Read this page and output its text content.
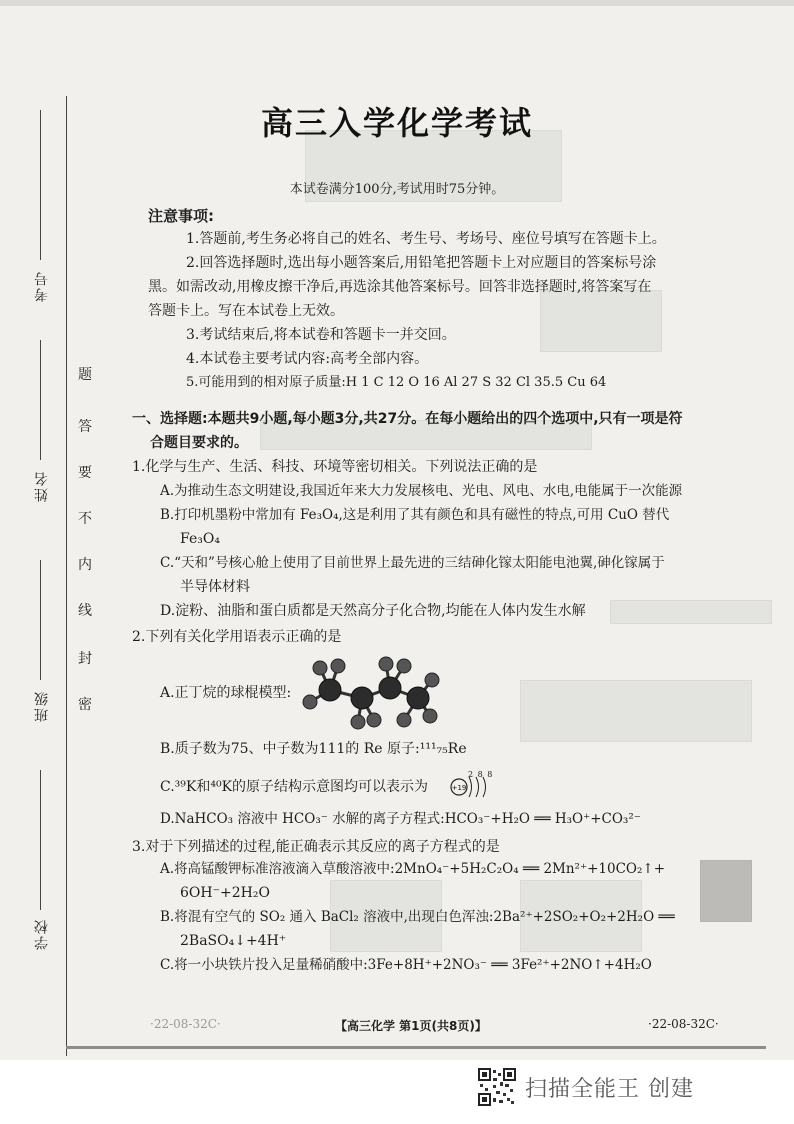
考号
姓名
班级
学校
题
答
要
不
内
线
封
密
高三入学化学考试
本试卷满分100分,考试用时75分钟。
注意事项:
1.答题前,考生务必将自己的姓名、考生号、考场号、座位号填写在答题卡上。
2.回答选择题时,选出每小题答案后,用铅笔把答题卡上对应题目的答案标号涂
黑。如需改动,用橡皮擦干净后,再选涂其他答案标号。回答非选择题时,将答案写在
答题卡上。写在本试卷上无效。
3.考试结束后,将本试卷和答题卡一并交回。
4.本试卷主要考试内容:高考全部内容。
5.可能用到的相对原子质量:H 1 C 12 O 16 Al 27 S 32 Cl 35.5 Cu 64
一、选择题:本题共9小题,每小题3分,共27分。在每小题给出的四个选项中,只有一项是符
合题目要求的。
1.化学与生产、生活、科技、环境等密切相关。下列说法正确的是
A.为推动生态文明建设,我国近年来大力发展核电、光电、风电、水电,电能属于一次能源
B.打印机墨粉中常加有 Fe₃O₄,这是利用了其有颜色和具有磁性的特点,可用 CuO 替代
Fe₃O₄
C.“天和”号核心舱上使用了目前世界上最先进的三结砷化镓太阳能电池翼,砷化镓属于
半导体材料
D.淀粉、油脂和蛋白质都是天然高分子化合物,均能在人体内发生水解
2.下列有关化学用语表示正确的是
A.正丁烷的球棍模型:
B.质子数为75、中子数为111的 Re 原子:¹¹¹₇₅Re
C.³⁹K和⁴⁰K的原子结构示意图均可以表示为	+19
2 8 8
D.NaHCO₃ 溶液中 HCO₃⁻ 水解的离子方程式:HCO₃⁻+H₂O ══ H₃O⁺+CO₃²⁻
3.对于下列描述的过程,能正确表示其反应的离子方程式的是
A.将高锰酸钾标准溶液滴入草酸溶液中:2MnO₄⁻+5H₂C₂O₄ ══ 2Mn²⁺+10CO₂↑+
6OH⁻+2H₂O
B.将混有空气的 SO₂ 通入 BaCl₂ 溶液中,出现白色浑浊:2Ba²⁺+2SO₂+O₂+2H₂O ══
2BaSO₄↓+4H⁺
C.将一小块铁片投入足量稀硝酸中:3Fe+8H⁺+2NO₃⁻ ══ 3Fe²⁺+2NO↑+4H₂O
·22-08-32C·	【高三化学 第1页(共8页)】	·22-08-32C·
扫描全能王 创建
